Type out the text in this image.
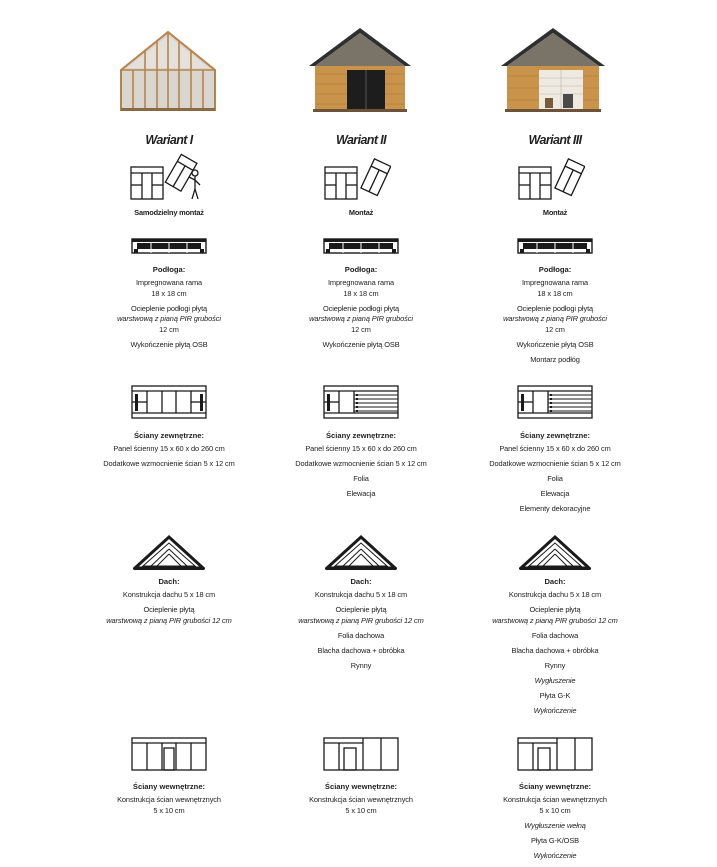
Wariant I
Samodzielny montaż
Podłoga:
Impregnowana rama
18 x 18 cm
Ocieplenie podłogi płytą
warstwową z pianą PIR grubości
12 cm
Wykończenie płytą OSB
Ściany zewnętrzne:
Panel ścienny 15 x 60 x do 260 cm
Dodatkowe wzmocnienie ścian 5 x 12 cm
Dach:
Konstrukcja dachu 5 x 18 cm
Ocieplenie płytą
warstwową z pianą PIR grubości 12 cm
Ściany wewnętrzne:
Konstrukcja ścian wewnętrznych
5 x 10 cm
Wariant II
Montaż
Podłoga:
Impregnowana rama
18 x 18 cm
Ocieplenie podłogi płytą
warstwową z pianą PIR grubości
12 cm
Wykończenie płytą OSB
Ściany zewnętrzne:
Panel ścienny 15 x 60 x do 260 cm
Dodatkowe wzmocnienie ścian 5 x 12 cm
Folia
Elewacja
Dach:
Konstrukcja dachu 5 x 18 cm
Ocieplenie płytą
warstwową z pianą PIR grubości 12 cm
Folia dachowa
Blacha dachowa + obróbka
Rynny
Ściany wewnętrzne:
Konstrukcja ścian wewnętrznych
5 x 10 cm
Wariant III
Montaż
Podłoga:
Impregnowana rama
18 x 18 cm
Ocieplenie podłogi płytą
warstwową z pianą PIR grubości
12 cm
Wykończenie płytą OSB
Montarz podłóg
Ściany zewnętrzne:
Panel ścienny 15 x 60 x do 260 cm
Dodatkowe wzmocnienie ścian 5 x 12 cm
Folia
Elewacja
Elementy dekoracyjne
Dach:
Konstrukcja dachu 5 x 18 cm
Ocieplenie płytą
warstwową z pianą PIR grubości 12 cm
Folia dachowa
Blacha dachowa + obróbka
Rynny
Wygłuszenie
Płyta G-K
Wykończenie
Ściany wewnętrzne:
Konstrukcja ścian wewnętrznych
5 x 10 cm
Wygłuszenie wełną
Płyta G-K/OSB
Wykończenie
